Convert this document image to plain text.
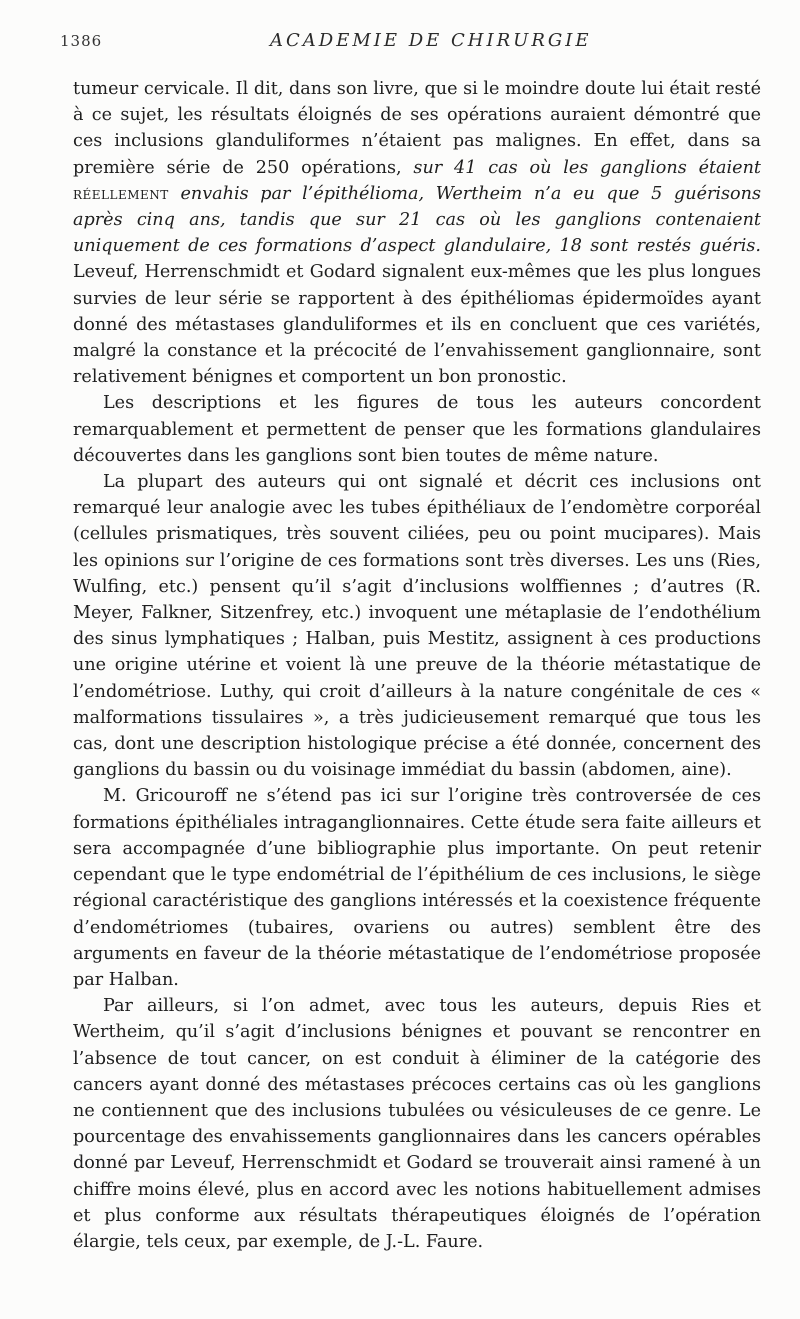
1386	ACADEMIE DE CHIRURGIE

tumeur cervicale. Il dit, dans son livre, que si le moindre doute lui était resté à ce sujet, les résultats éloignés de ses opérations auraient démontré que ces inclusions glanduliformes n’étaient pas malignes. En effet, dans sa première série de 250 opérations, sur 41 cas où les ganglions étaient réellement envahis par l’épithélioma, Wertheim n’a eu que 5 guérisons après cinq ans, tandis que sur 21 cas où les ganglions contenaient uniquement de ces formations d’aspect glandulaire, 18 sont restés guéris. Leveuf, Herrenschmidt et Godard signalent eux-mêmes que les plus longues survies de leur série se rapportent à des épithéliomas épidermoïdes ayant donné des métastases glanduliformes et ils en concluent que ces variétés, malgré la constance et la précocité de l’envahissement ganglionnaire, sont relativement bénignes et comportent un bon pronostic.

Les descriptions et les figures de tous les auteurs concordent remarquablement et permettent de penser que les formations glandulaires découvertes dans les ganglions sont bien toutes de même nature.

La plupart des auteurs qui ont signalé et décrit ces inclusions ont remarqué leur analogie avec les tubes épithéliaux de l’endomètre corporéal (cellules prismatiques, très souvent ciliées, peu ou point mucipares). Mais les opinions sur l’origine de ces formations sont très diverses. Les uns (Ries, Wulfing, etc.) pensent qu’il s’agit d’inclusions wolffiennes ; d’autres (R. Meyer, Falkner, Sitzenfrey, etc.) invoquent une métaplasie de l’endothélium des sinus lymphatiques ; Halban, puis Mestitz, assignent à ces productions une origine utérine et voient là une preuve de la théorie métastatique de l’endométriose. Luthy, qui croit d’ailleurs à la nature congénitale de ces « malformations tissulaires », a très judicieusement remarqué que tous les cas, dont une description histologique précise a été donnée, concernent des ganglions du bassin ou du voisinage immédiat du bassin (abdomen, aine).

M. Gricouroff ne s’étend pas ici sur l’origine très controversée de ces formations épithéliales intraganglionnaires. Cette étude sera faite ailleurs et sera accompagnée d’une bibliographie plus importante. On peut retenir cependant que le type endométrial de l’épithélium de ces inclusions, le siège régional caractéristique des ganglions intéressés et la coexistence fréquente d’endométriomes (tubaires, ovariens ou autres) semblent être des arguments en faveur de la théorie métastatique de l’endométriose proposée par Halban.

Par ailleurs, si l’on admet, avec tous les auteurs, depuis Ries et Wertheim, qu’il s’agit d’inclusions bénignes et pouvant se rencontrer en l’absence de tout cancer, on est conduit à éliminer de la catégorie des cancers ayant donné des métastases précoces certains cas où les ganglions ne contiennent que des inclusions tubulées ou vésiculeuses de ce genre. Le pourcentage des envahissements ganglionnaires dans les cancers opérables donné par Leveuf, Herrenschmidt et Godard se trouverait ainsi ramené à un chiffre moins élevé, plus en accord avec les notions habituellement admises et plus conforme aux résultats thérapeutiques éloignés de l’opération élargie, tels ceux, par exemple, de J.-L. Faure.
